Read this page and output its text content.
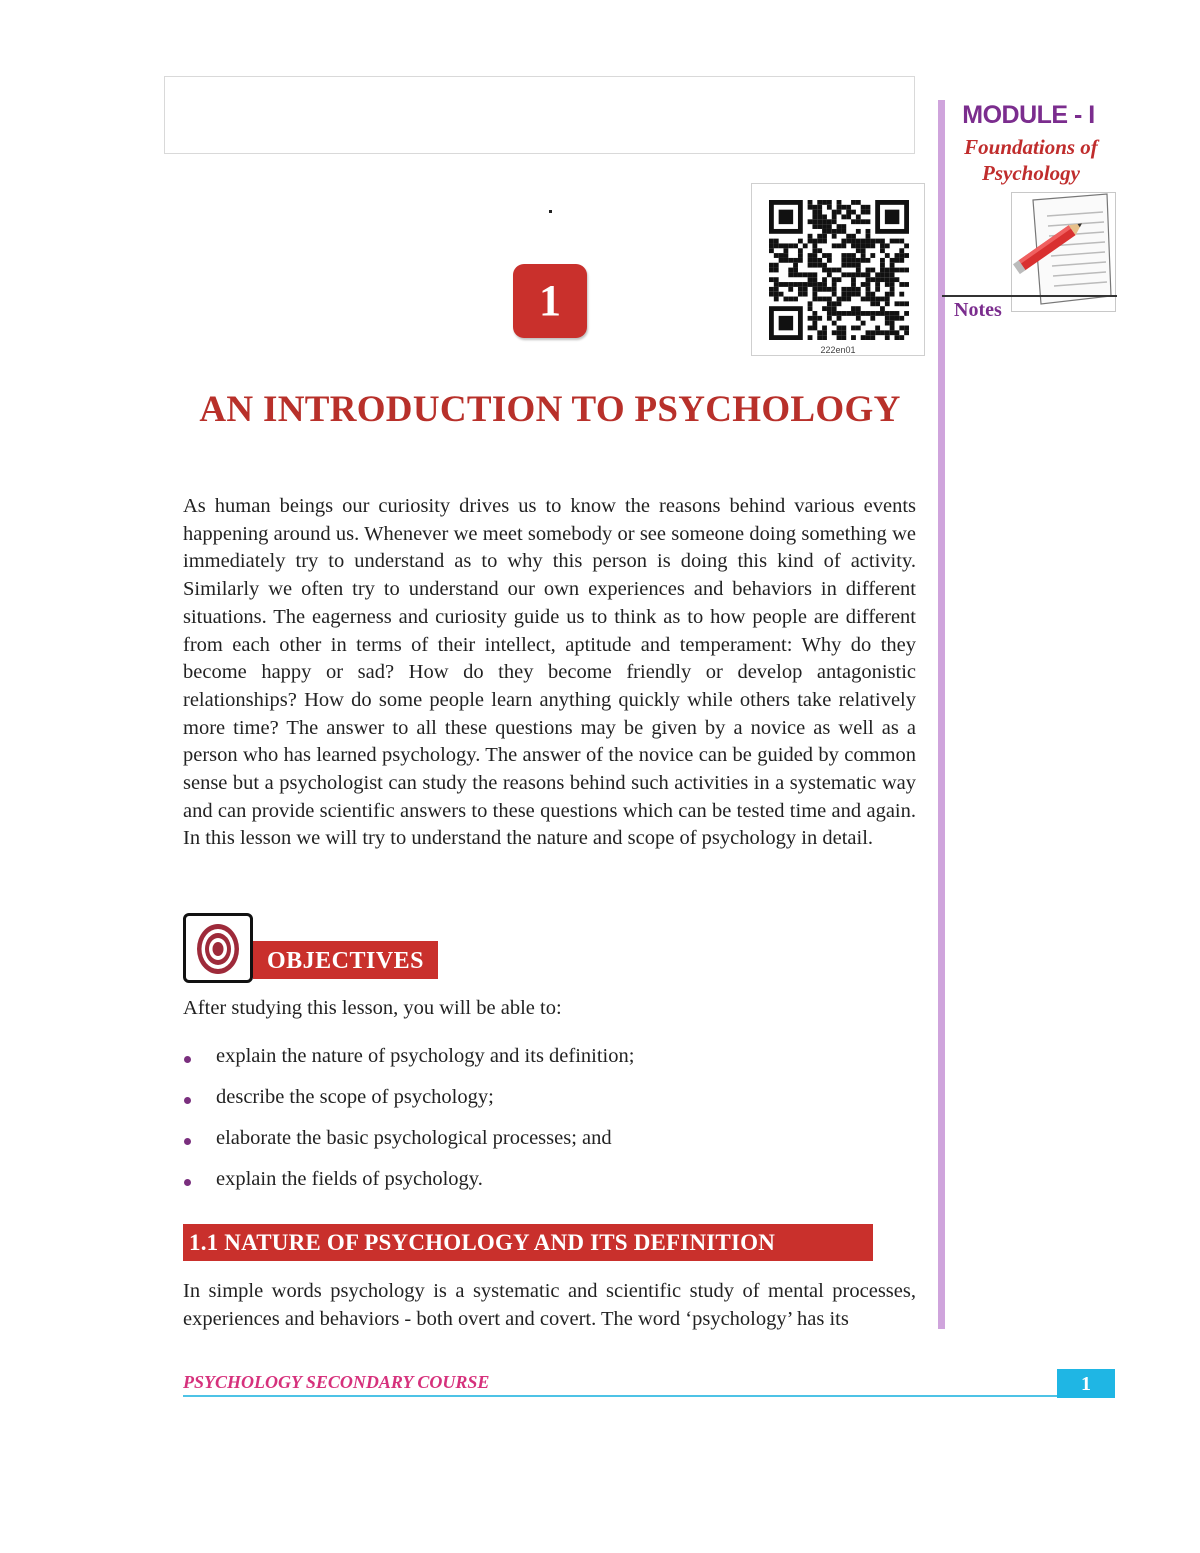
222en01
1
AN INTRODUCTION TO PSYCHOLOGY

As human beings our curiosity drives us to know the reasons behind various events happening around us. Whenever we meet somebody or see someone doing something we immediately try to understand as to why this person is doing this kind of activity. Similarly we often try to understand our own experiences and behaviors in different situations. The eagerness and curiosity guide us to think as to how people are different from each other in terms of their intellect, aptitude and temperament: Why do they become happy or sad? How do they become friendly or develop antagonistic relationships? How do some people learn anything quickly while others take relatively more time? The answer to all these questions may be given by a novice as well as a person who has learned psychology. The answer of the novice can be guided by common sense but a psychologist can study the reasons behind such activities in a systematic way and can provide scientific answers to these questions which can be tested time and again. In this lesson we will try to understand the nature and scope of psychology in detail.

OBJECTIVES
After studying this lesson, you will be able to:
explain the nature of psychology and its definition;
describe the scope of psychology;
elaborate the basic psychological processes; and
explain the fields of psychology.
1.1 NATURE OF PSYCHOLOGY AND ITS DEFINITION

In simple words psychology is a systematic and scientific study of mental processes, experiences and behaviors - both overt and covert. The word ‘psychology’ has its

MODULE - I
Foundations of
Psychology
Notes
PSYCHOLOGY SECONDARY COURSE	1
